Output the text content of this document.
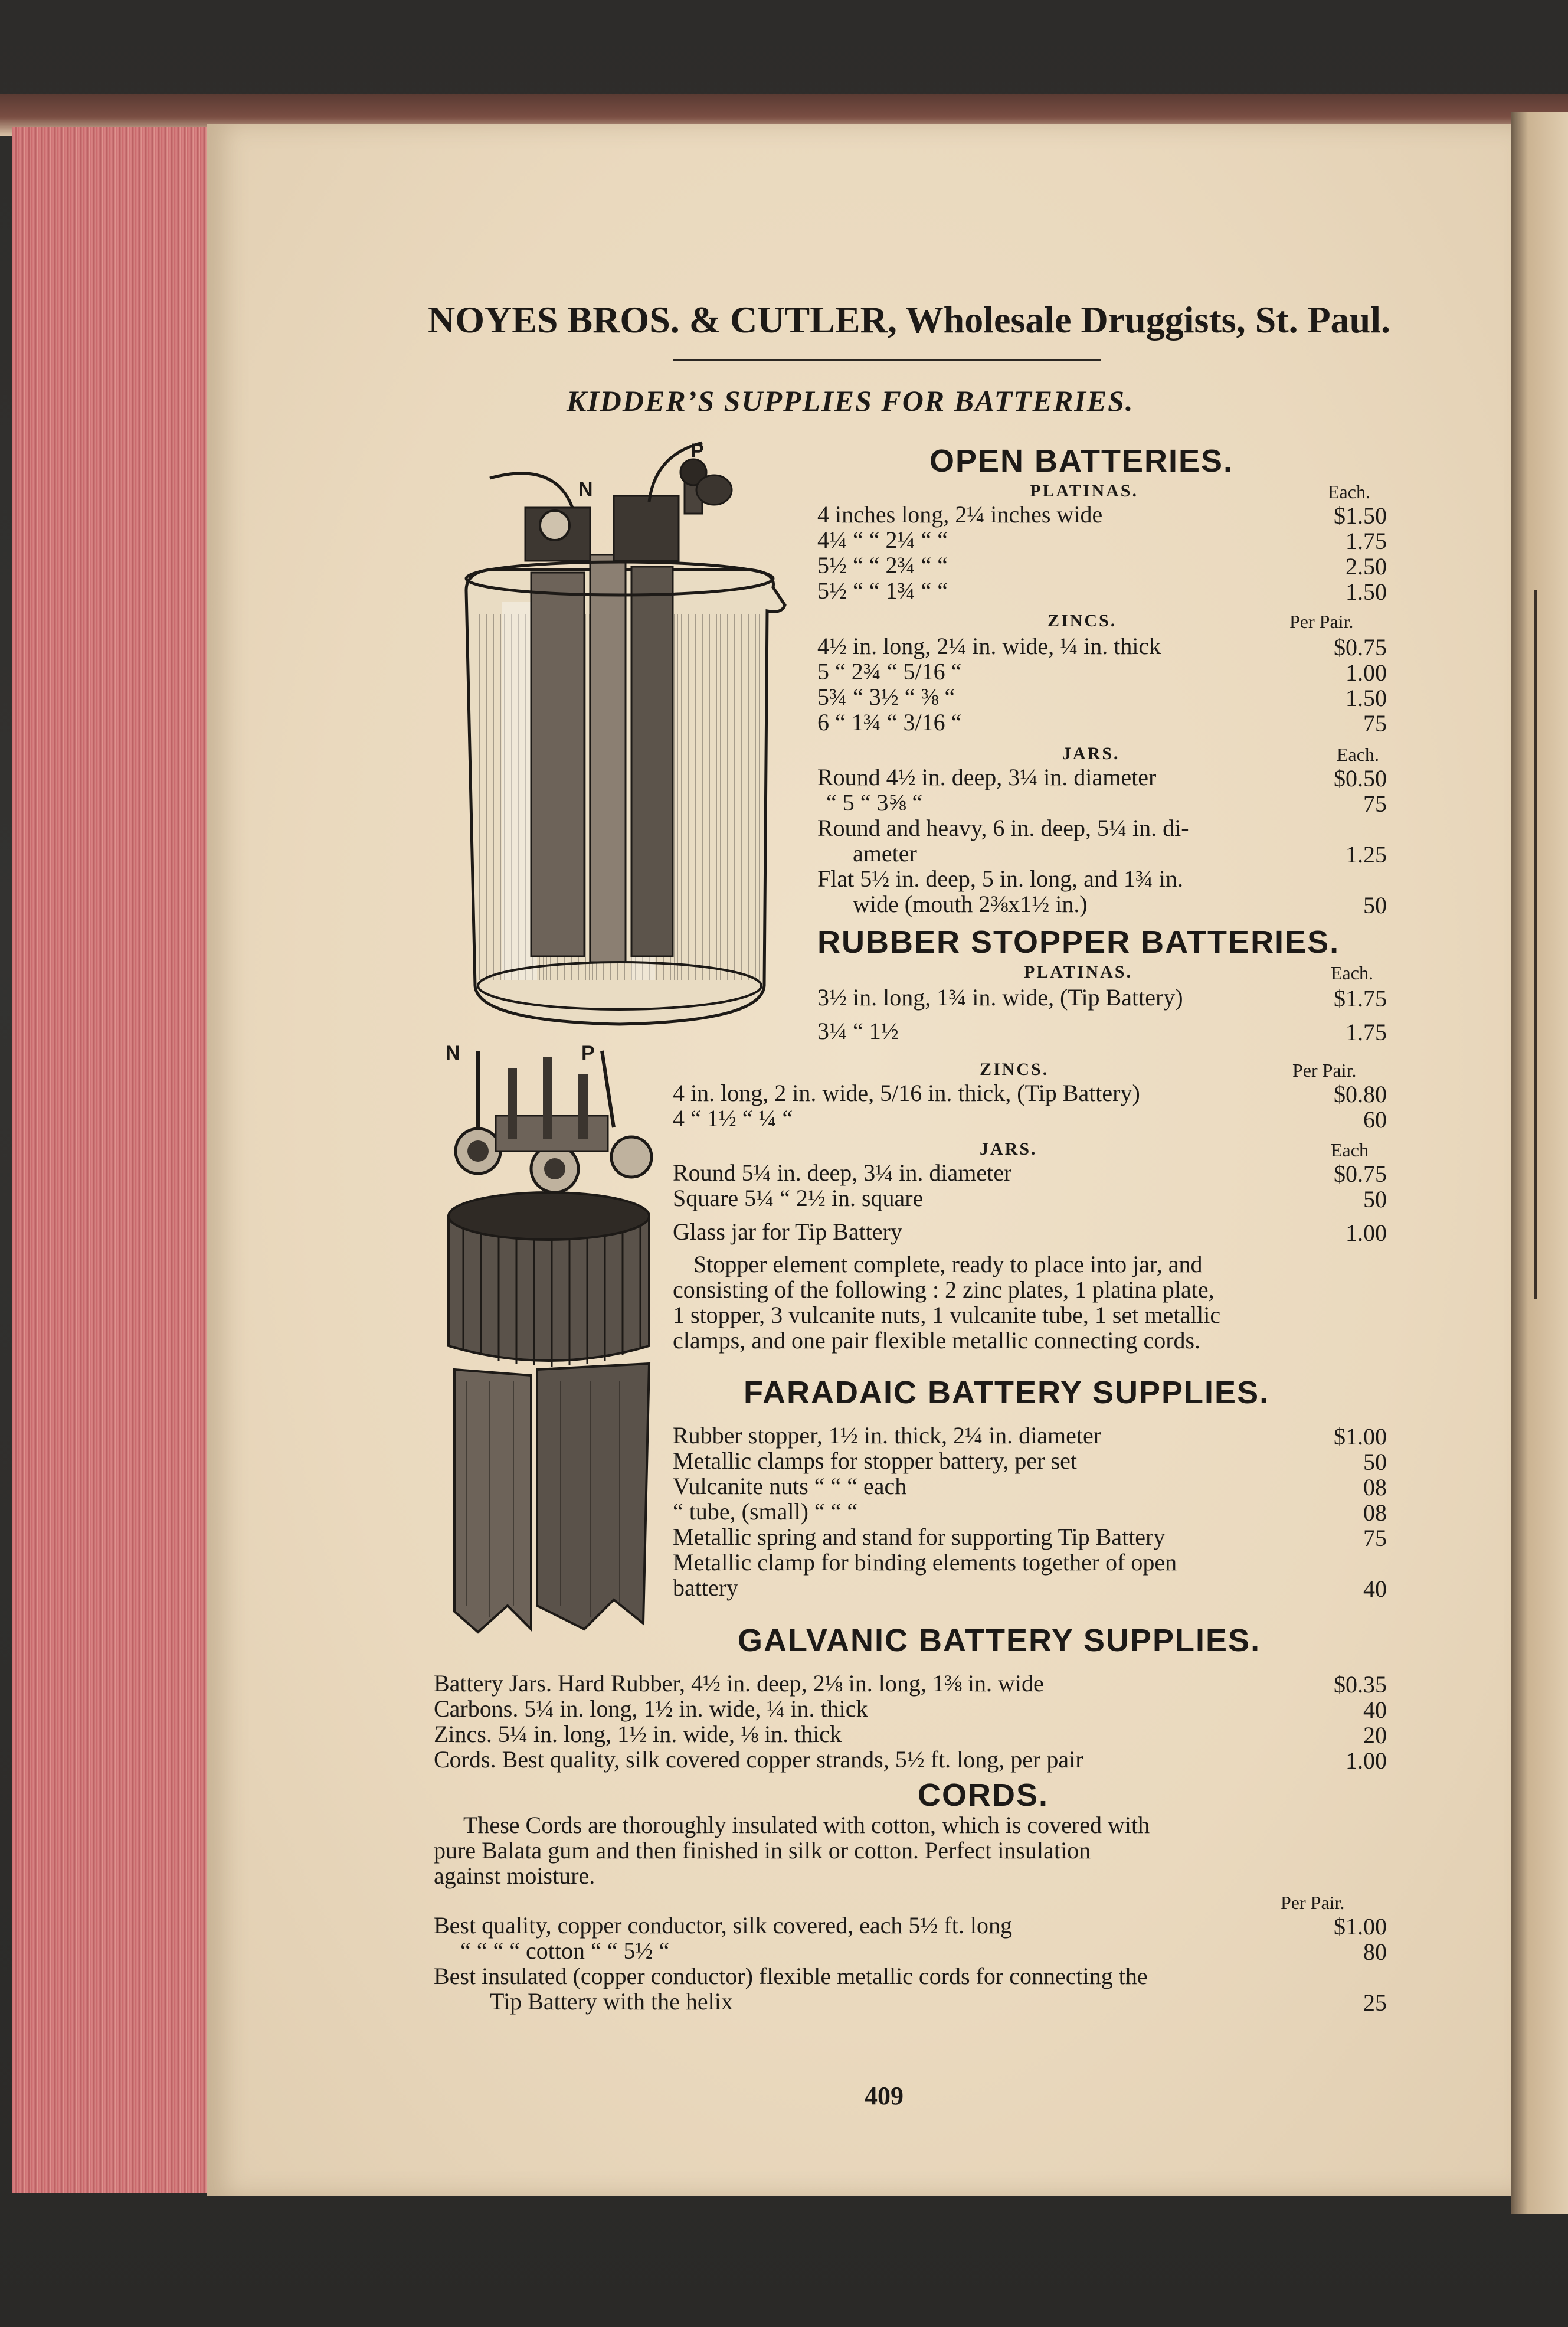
NOYES BROS. & CUTLER, Wholesale Druggists, St. Paul.
KIDDER’S SUPPLIES FOR BATTERIES.
N
P
N	P
OPEN BATTERIES.
PLATINAS.	Each.
4 inches long, 2¼ inches wide	$1.50
4¼ “ “ 2¼ “ “	1.75
5½ “ “ 2¾ “ “	2.50
5½ “ “ 1¾ “ “	1.50
ZINCS.	Per Pair.
4½ in. long, 2¼ in. wide, ¼ in. thick	$0.75
5 “ 2¾ “ 5/16 “	1.00
5¾ “ 3½ “ ⅜ “	1.50
6 “ 1¾ “ 3/16 “	75
JARS.	Each.
Round 4½ in. deep, 3¼ in. diameter	$0.50
“ 5 “ 3⅝ “	75
Round and heavy, 6 in. deep, 5¼ in. di-
ameter	1.25
Flat 5½ in. deep, 5 in. long, and 1¾ in.
wide (mouth 2⅜x1½ in.)	50
RUBBER STOPPER BATTERIES.
PLATINAS.	Each.
3½ in. long, 1¾ in. wide, (Tip Battery)	$1.75
3¼ “ 1½	1.75
ZINCS.	Per Pair.
4 in. long, 2 in. wide, 5/16 in. thick, (Tip Battery)	$0.80
4 “ 1½ “ ¼ “	60
JARS.	Each
Round 5¼ in. deep, 3¼ in. diameter	$0.75
Square 5¼ “ 2½ in. square	50
Glass jar for Tip Battery	1.00
Stopper element complete, ready to place into jar, and
consisting of the following : 2 zinc plates, 1 platina plate,
1 stopper, 3 vulcanite nuts, 1 vulcanite tube, 1 set metallic
clamps, and one pair flexible metallic connecting cords.
FARADAIC BATTERY SUPPLIES.
Rubber stopper, 1½ in. thick, 2¼ in. diameter	$1.00
Metallic clamps for stopper battery, per set	50
Vulcanite nuts “ “ “ each	08
“ tube, (small) “ “ “	08
Metallic spring and stand for supporting Tip Battery	75
Metallic clamp for binding elements together of open
battery	40
GALVANIC BATTERY SUPPLIES.
Battery Jars. Hard Rubber, 4½ in. deep, 2⅛ in. long, 1⅜ in. wide	$0.35
Carbons. 5¼ in. long, 1½ in. wide, ¼ in. thick	40
Zincs. 5¼ in. long, 1½ in. wide, ⅛ in. thick	20
Cords. Best quality, silk covered copper strands, 5½ ft. long, per pair	1.00
CORDS.
These Cords are thoroughly insulated with cotton, which is covered with
pure Balata gum and then finished in silk or cotton. Perfect insulation
against moisture.
Per Pair.
Best quality, copper conductor, silk covered, each 5½ ft. long	$1.00
“ “ “ “ cotton “ “ 5½ “	80
Best insulated (copper conductor) flexible metallic cords for connecting the
Tip Battery with the helix	25
409
